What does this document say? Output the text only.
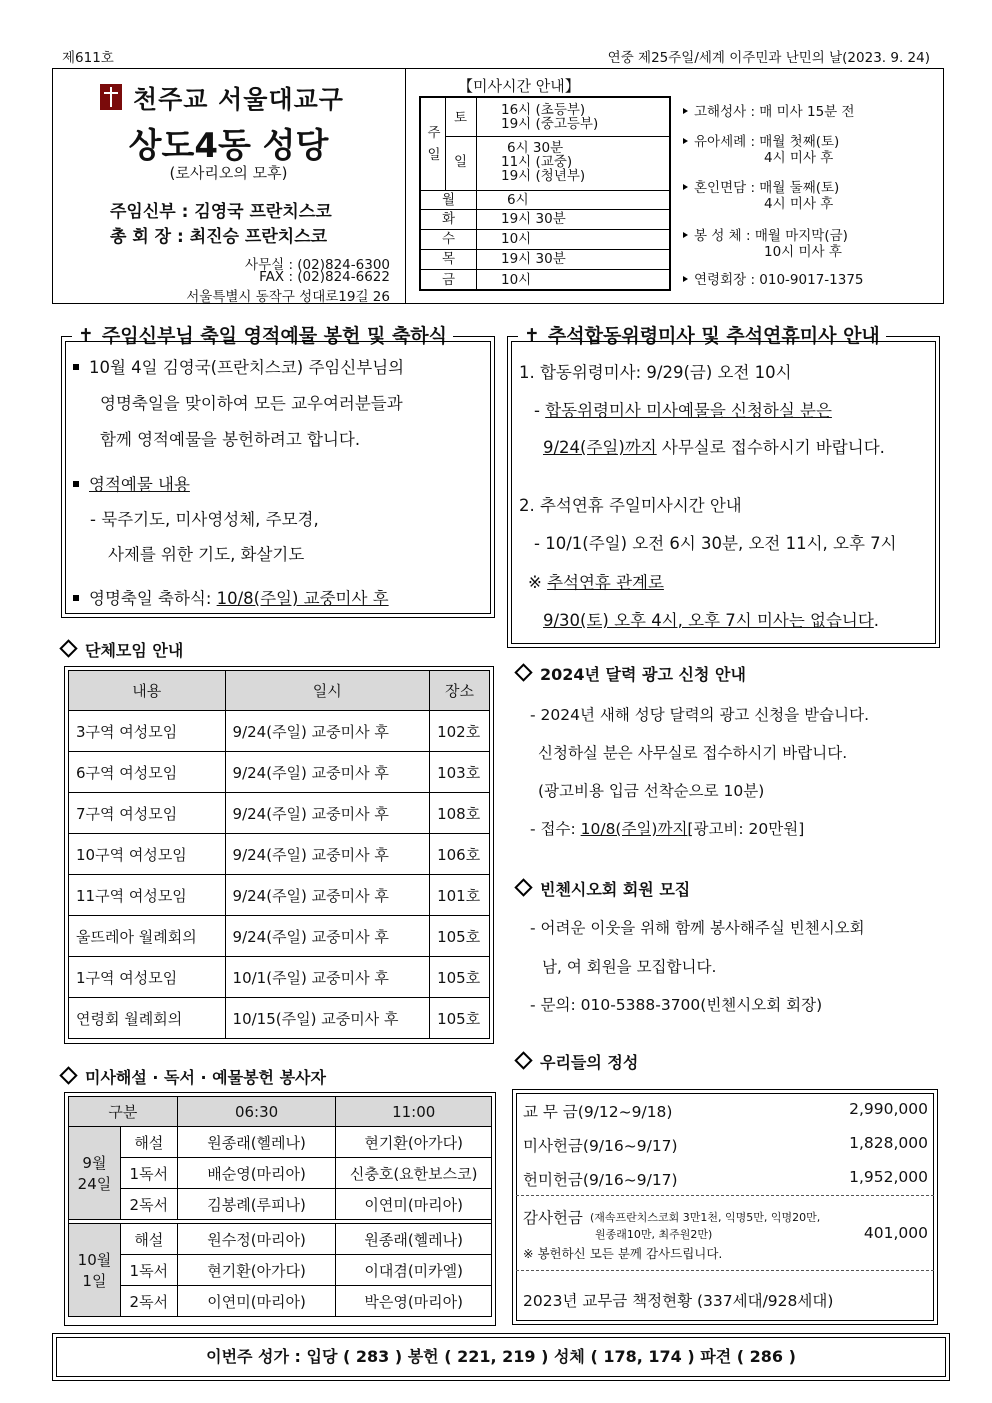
제611호	연중 제25주일/세계 이주민과 난민의 날(2023. 9. 24)
천주교 서울대교구
상도4동 성당
(로사리오의 모후)
주임신부 : 김영국 프란치스코
총 회 장 : 최진승 프란치스코
사무실 : (02)824-6300
FAX : (02)824-6622
서울특별시 동작구 성대로19길 26
【미사시간 안내】
주일
토	16시 (초등부)
19시 (중고등부)
일
6시 30분
11시 (교중)
19시 (청년부)
월	6시
화	19시 30분
수	10시
목	19시 30분
금	10시
고해성사 : 매 미사 15분 전
유아세례 : 매월 첫째(토)
4시 미사 후
혼인면담 : 매월 둘째(토)
4시 미사 후
봉 성 체 : 매월 마지막(금)
10시 미사 후
연령회장 : 010-9017-1375
✝ 주임신부님 축일 영적예물 봉헌 및 축하식
10월 4일 김영국(프란치스코) 주임신부님의
영명축일을 맞이하여 모든 교우여러분들과
함께 영적예물을 봉헌하려고 합니다.
영적예물 내용
- 묵주기도, 미사영성체, 주모경,
사제를 위한 기도, 화살기도
영명축일 축하식: 10/8(주일) 교중미사 후
✝ 추석합동위령미사 및 추석연휴미사 안내
1. 합동위령미사: 9/29(금) 오전 10시
- 합동위령미사 미사예물을 신청하실 분은
9/24(주일)까지 사무실로 접수하시기 바랍니다.
2. 추석연휴 주일미사시간 안내
- 10/1(주일) 오전 6시 30분, 오전 11시, 오후 7시
※ 추석연휴 관계로
9/30(토) 오후 4시, 오후 7시 미사는 없습니다.
단체모임 안내
내용	일시	장소
3구역 여성모임	9/24(주일) 교중미사 후	102호
6구역 여성모임	9/24(주일) 교중미사 후	103호
7구역 여성모임	9/24(주일) 교중미사 후	108호
10구역 여성모임	9/24(주일) 교중미사 후	106호
11구역 여성모임	9/24(주일) 교중미사 후	101호
울뜨레아 월례회의	9/24(주일) 교중미사 후	105호
1구역 여성모임	10/1(주일) 교중미사 후	105호
연령회 월례회의	10/15(주일) 교중미사 후	105호
미사해설 · 독서 · 예물봉헌 봉사자
구분		06:30	11:00
9월
24일	해설	원종래(헬레나)	현기환(아가다)
	1독서	배순영(마리아)	신충호(요한보스코)
	2독서	김봉례(루피나)	이연미(마리아)

10월
1일	해설	원수정(마리아)	원종래(헬레나)
	1독서	현기환(아가다)	이대겸(미카엘)
	2독서	이연미(마리아)	박은영(마리아)
2024년 달력 광고 신청 안내
- 2024년 새해 성당 달력의 광고 신청을 받습니다.
신청하실 분은 사무실로 접수하시기 바랍니다.
(광고비용 입금 선착순으로 10분)
- 접수: 10/8(주일)까지[광고비: 20만원]
빈첸시오회 회원 모집
- 어려운 이웃을 위해 함께 봉사해주실 빈첸시오회
남, 여 회원을 모집합니다.
- 문의: 010-5388-3700(빈첸시오회 회장)
우리들의 정성
교 무 금(9/12~9/18)	2,990,000
미사헌금(9/16~9/17)	1,828,000
헌미헌금(9/16~9/17)	1,952,000
감사헌금 (재속프란치스코회 3만1천, 익명5만, 익명20만,
원종래10만, 최주원2만)	401,000
※ 봉헌하신 모든 분께 감사드립니다.
2023년 교무금 책정현황 (337세대/928세대)
이번주 성가 : 입당 ( 283 ) 봉헌 ( 221, 219 ) 성체 ( 178, 174 ) 파견 ( 286 )
